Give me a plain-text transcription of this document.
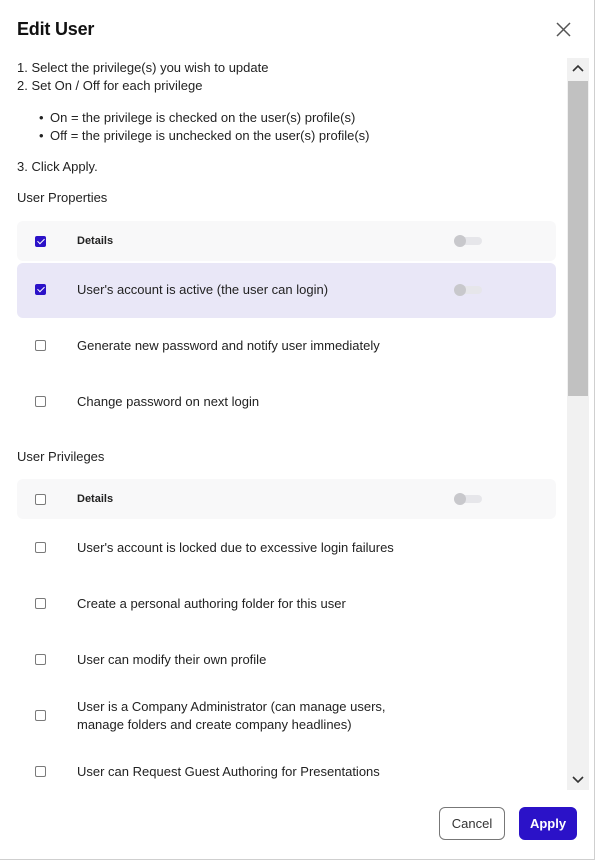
Edit User
1. Select the privilege(s) you wish to update
2. Set On / Off for each privilege
• On = the privilege is checked on the user(s) profile(s)
• Off = the privilege is unchecked on the user(s) profile(s)
3. Click Apply.
User Properties
Details
User's account is active (the user can login)
Generate new password and notify user immediately
Change password on next login
User Privileges
Details
User's account is locked due to excessive login failures
Create a personal authoring folder for this user
User can modify their own profile
User is a Company Administrator (can manage users, manage folders and create company headlines)
User can Request Guest Authoring for Presentations
Cancel	Apply
